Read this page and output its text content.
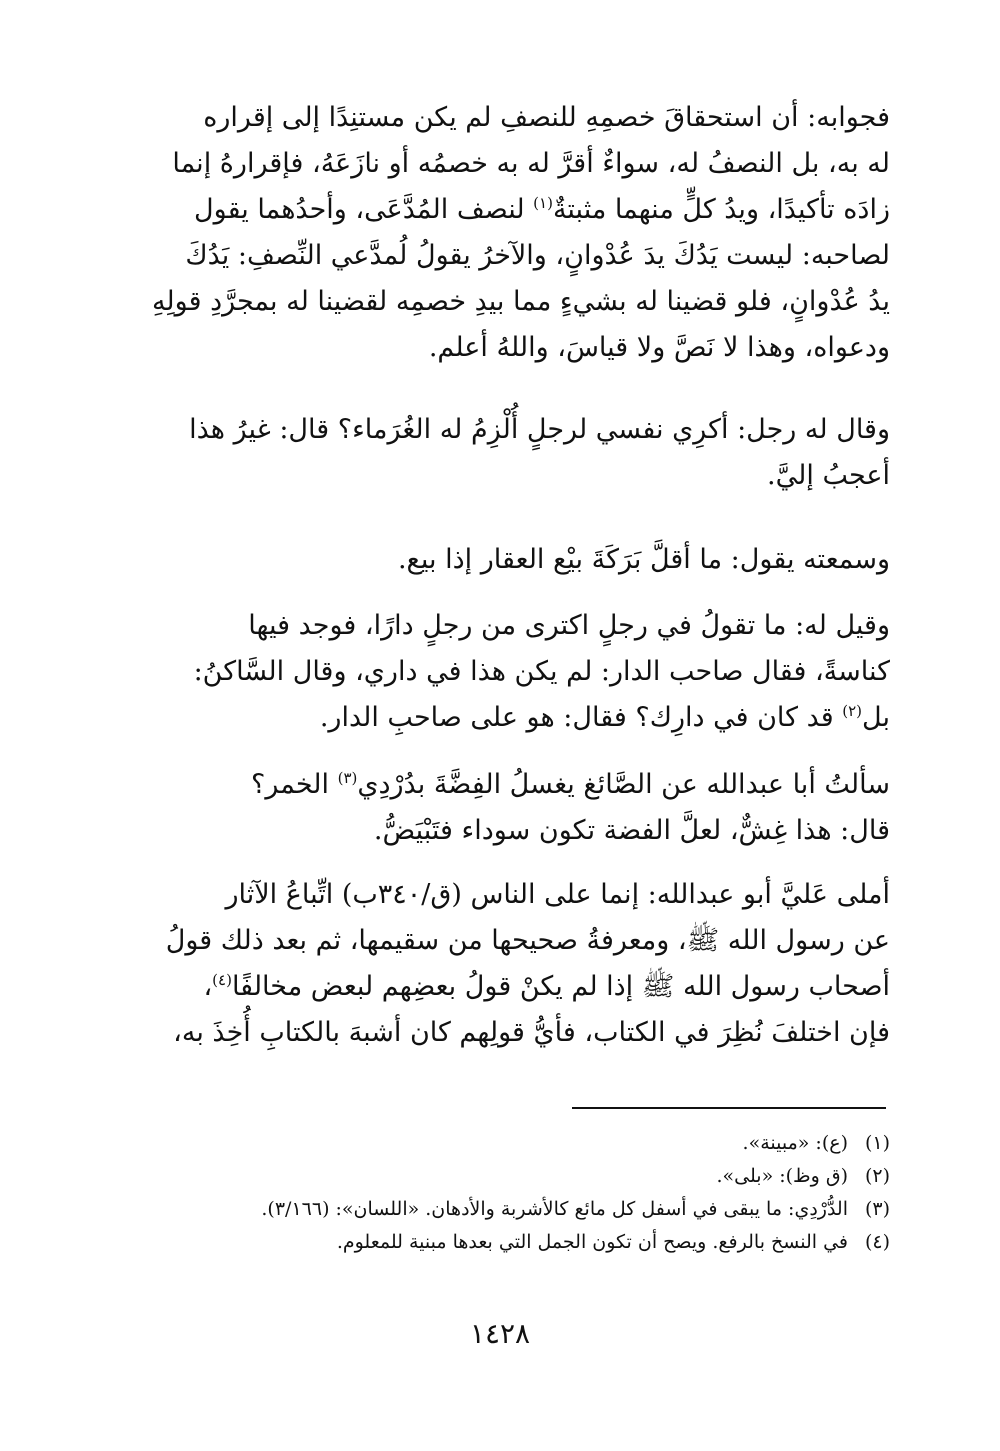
فجوابه: أن استحقاقَ خصمِهِ للنصفِ لم يكن مستنِدًا إلى إقراره
له به، بل النصفُ له، سواءٌ أقرَّ له به خصمُه أو نازَعَهُ، فإقرارهُ إنما
زادَه تأكيدًا، ويدُ كلٍّ منهما مثبتةٌ$^{(١)}$ لنصف المُدَّعَى، وأحدُهما يقول
لصاحبه: ليست يَدُكَ يدَ عُدْوانٍ، والآخرُ يقولُ لُمدَّعي النِّصفِ: يَدُكَ
يدُ عُدْوانٍ، فلو قضينا له بشيءٍ مما بيدِ خصمِه لقضينا له بمجرَّدِ قولِهِ
ودعواه، وهذا لا نَصَّ ولا قياسَ، واللهُ أعلم.
وقال له رجل: أكرِي نفسي لرجلٍ أُلْزِمُ له الغُرَماء؟ قال: غيرُ هذا
أعجبُ إليَّ.
وسمعته يقول: ما أقلَّ بَرَكَةَ بيْع العقار إذا بيع.
وقيل له: ما تقولُ في رجلٍ اكترى من رجلٍ دارًا، فوجد فيها
كناسةً، فقال صاحب الدار: لم يكن هذا في داري، وقال السَّاكنُ:
بل$^{(٢)}$ قد كان في دارِك؟ فقال: هو على صاحبِ الدار.
سألتُ أبا عبدالله عن الصَّائغ يغسلُ الفِضَّةَ بدُرْدِي$^{(٣)}$ الخمر؟
قال: هذا غِشٌّ، لعلَّ الفضة تكون سوداء فتَبْيَضُّ.
أملى عَليَّ أبو عبدالله: إنما على الناس (ق/٣٤٠ب) اتِّباعُ الآثار
عن رسول الله ﷺ، ومعرفةُ صحيحها من سقيمها، ثم بعد ذلك قولُ
أصحاب رسول الله ﷺ إذا لم يكنْ قولُ بعضِهم لبعض مخالفًا$^{(٤)}$،
فإن اختلفَ نُظِرَ في الكتاب، فأيُّ قولِهم كان أشبهَ بالكتابِ أُخِذَ به،
(١)(ع): «مبينة».
(٢)(ق وظ): «بلى».
(٣)الدُّرْدِي: ما يبقى في أسفل كل مائع كالأشربة والأدهان. «اللسان»: (٣/١٦٦).
(٤)في النسخ بالرفع. ويصح أن تكون الجمل التي بعدها مبنية للمعلوم.
١٤٢٨
